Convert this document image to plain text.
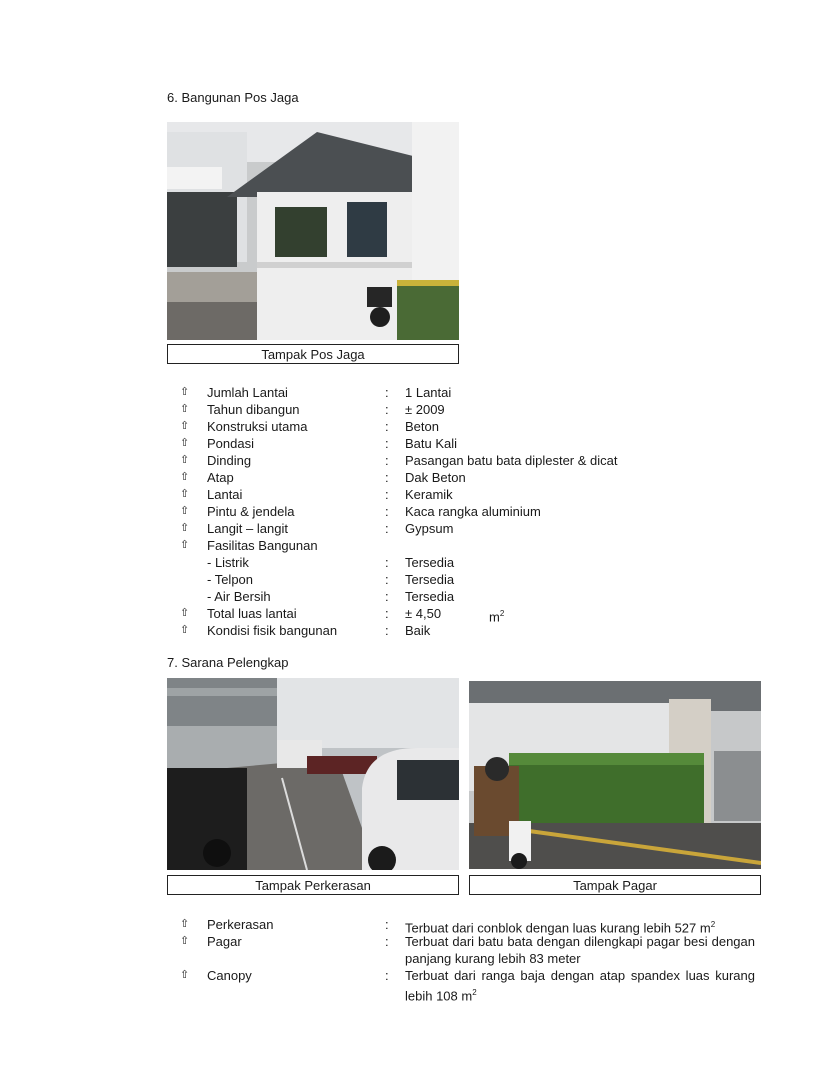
6. Bangunan Pos Jaga
Tampak Pos Jaga
⇧ Jumlah Lantai	: 1 Lantai
⇧ Tahun dibangun	: ± 2009
⇧ Konstruksi utama	: Beton
⇧ Pondasi	: Batu Kali
⇧ Dinding	: Pasangan batu bata diplester & dicat
⇧ Atap	: Dak Beton
⇧ Lantai	: Keramik
⇧ Pintu & jendela	: Kaca rangka aluminium
⇧ Langit – langit	: Gypsum
⇧ Fasilitas Bangunan
- Listrik	: Tersedia
- Telpon	: Tersedia
- Air Bersih	: Tersedia
⇧ Total luas lantai	: ± 4,50	$m^2$
⇧ Kondisi fisik bangunan	: Baik
7. Sarana Pelengkap
Tampak Perkerasan	Tampak Pagar
⇧ Perkerasan	: Terbuat dari conblok dengan luas kurang lebih 527 $m^2$
⇧ Pagar	: Terbuat dari batu bata dengan dilengkapi pagar besi dengan panjang kurang lebih 83 meter
⇧ Canopy	: Terbuat dari ranga baja dengan atap spandex luas kurang lebih 108 $m^2$
